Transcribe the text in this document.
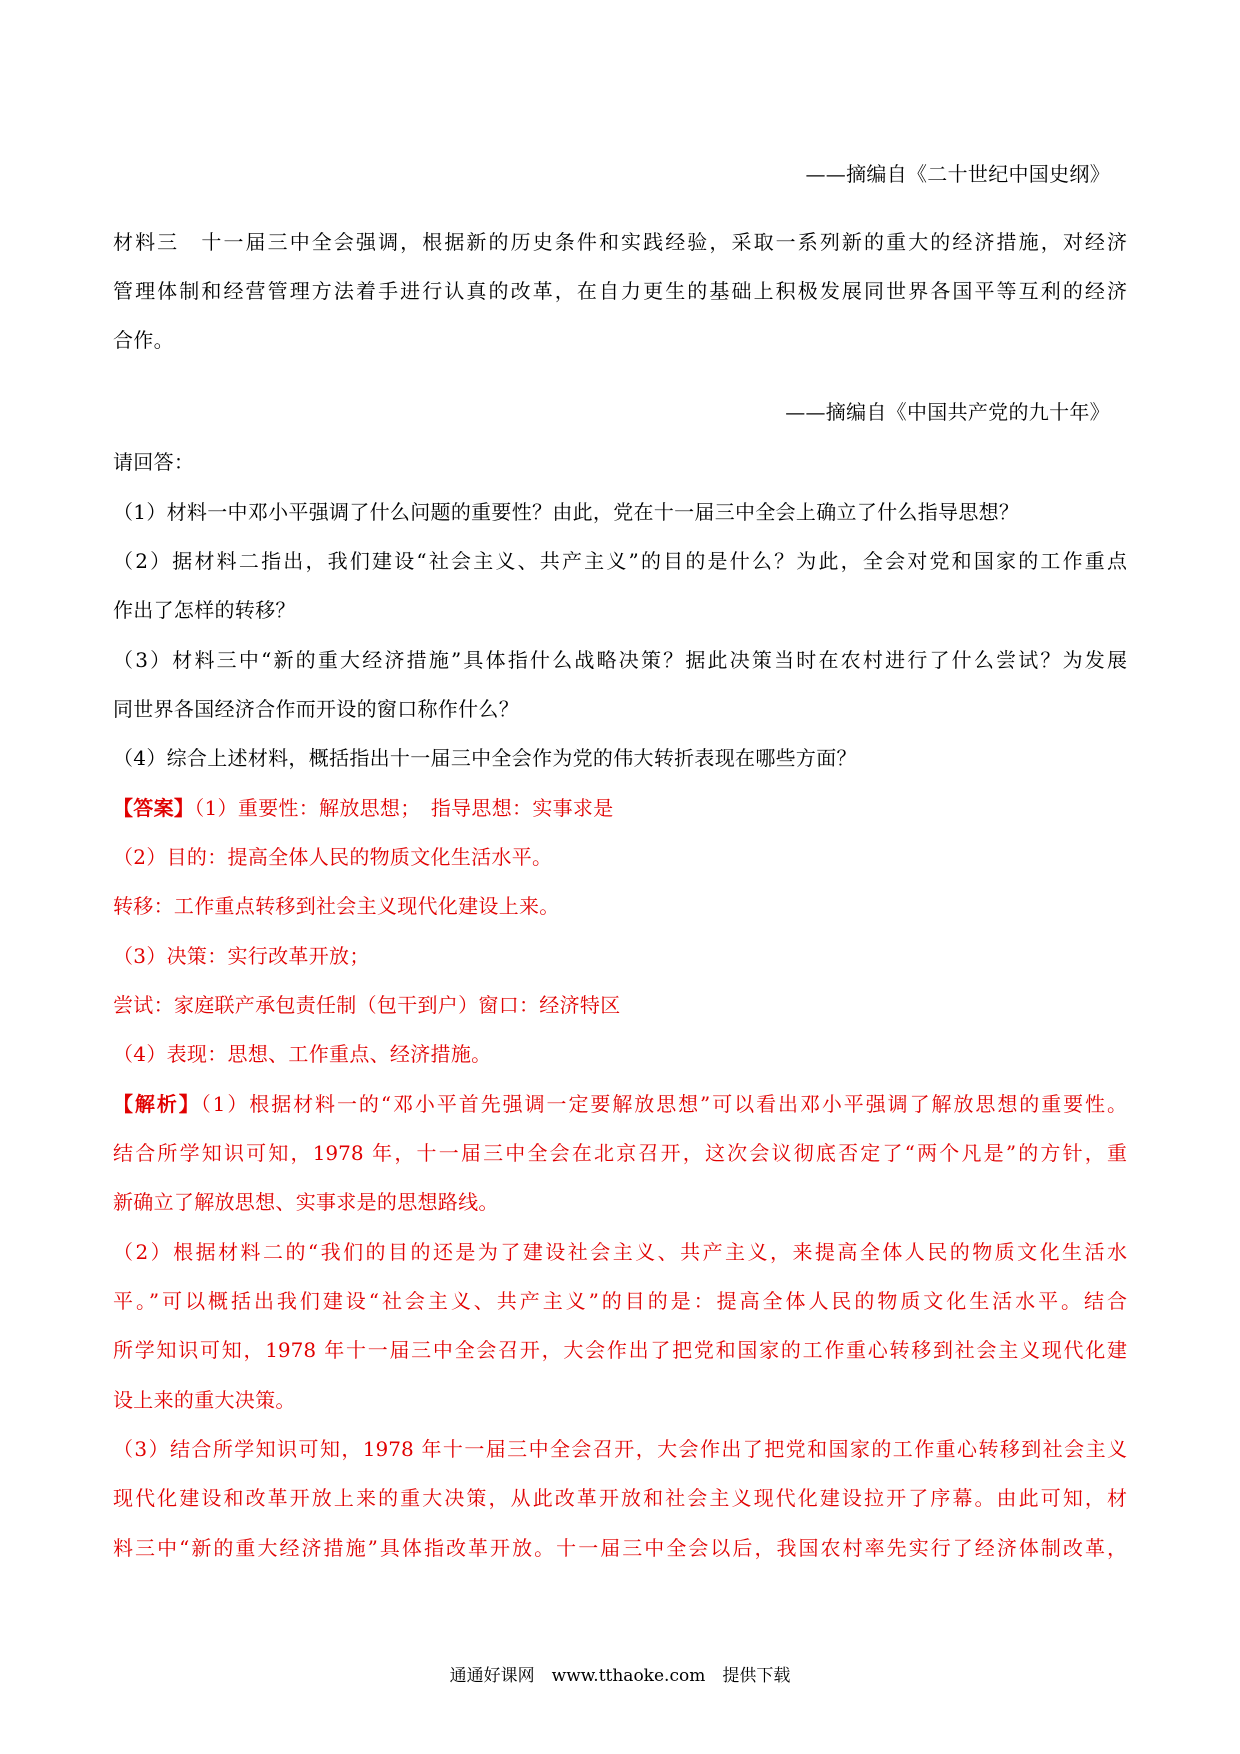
——摘编自《二十世纪中国史纲》
材料三　十一届三中全会强调，根据新的历史条件和实践经验，采取一系列新的重大的经济措施，对经济
管理体制和经营管理方法着手进行认真的改革，在自力更生的基础上积极发展同世界各国平等互利的经济
合作。
——摘编自《中国共产党的九十年》
请回答：
（1）材料一中邓小平强调了什么问题的重要性？由此，党在十一届三中全会上确立了什么指导思想？
（2）据材料二指出，我们建设“社会主义、共产主义”的目的是什么？为此，全会对党和国家的工作重点
作出了怎样的转移？
（3）材料三中“新的重大经济措施”具体指什么战略决策？据此决策当时在农村进行了什么尝试？为发展
同世界各国经济合作而开设的窗口称作什么？
（4）综合上述材料，概括指出十一届三中全会作为党的伟大转折表现在哪些方面？
【答案】（1）重要性：解放思想；　指导思想：实事求是
（2）目的：提高全体人民的物质文化生活水平。
转移：工作重点转移到社会主义现代化建设上来。
（3）决策：实行改革开放；
尝试：家庭联产承包责任制（包干到户）窗口：经济特区
（4）表现：思想、工作重点、经济措施。
【解析】（1）根据材料一的“邓小平首先强调一定要解放思想”可以看出邓小平强调了解放思想的重要性。
结合所学知识可知，1978 年，十一届三中全会在北京召开，这次会议彻底否定了“两个凡是”的方针，重
新确立了解放思想、实事求是的思想路线。
（2）根据材料二的“我们的目的还是为了建设社会主义、共产主义，来提高全体人民的物质文化生活水
平。”可以概括出我们建设“社会主义、共产主义”的目的是：提高全体人民的物质文化生活水平。结合
所学知识可知，1978 年十一届三中全会召开，大会作出了把党和国家的工作重心转移到社会主义现代化建
设上来的重大决策。
（3）结合所学知识可知，1978 年十一届三中全会召开，大会作出了把党和国家的工作重心转移到社会主义
现代化建设和改革开放上来的重大决策，从此改革开放和社会主义现代化建设拉开了序幕。由此可知，材
料三中“新的重大经济措施”具体指改革开放。十一届三中全会以后，我国农村率先实行了经济体制改革，
通通好课网　www.tthaoke.com　提供下载
